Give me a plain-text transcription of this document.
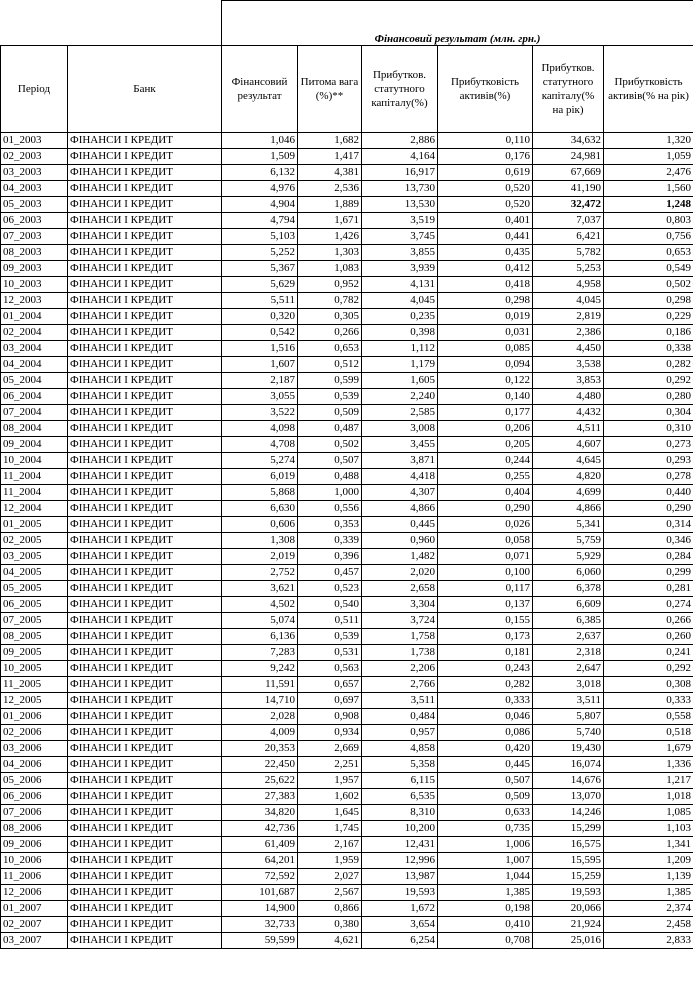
		Фінансовий результат (млн. грн.)					
Період	Банк	Фінансовий результат	Питома вага (%)**	Прибутков. статутного капіталу(%)	Прибутковість активів(%)	Прибутков. статутного капіталу(% на рік)	Прибутковість активів(% на рік)
01_2003	ФІНАНСИ І КРЕДИТ	1,046	1,682	2,886	0,110	34,632	1,320
02_2003	ФІНАНСИ І КРЕДИТ	1,509	1,417	4,164	0,176	24,981	1,059
03_2003	ФІНАНСИ І КРЕДИТ	6,132	4,381	16,917	0,619	67,669	2,476
04_2003	ФІНАНСИ І КРЕДИТ	4,976	2,536	13,730	0,520	41,190	1,560
05_2003	ФІНАНСИ І КРЕДИТ	4,904	1,889	13,530	0,520	32,472	1,248
06_2003	ФІНАНСИ І КРЕДИТ	4,794	1,671	3,519	0,401	7,037	0,803
07_2003	ФІНАНСИ І КРЕДИТ	5,103	1,426	3,745	0,441	6,421	0,756
08_2003	ФІНАНСИ І КРЕДИТ	5,252	1,303	3,855	0,435	5,782	0,653
09_2003	ФІНАНСИ І КРЕДИТ	5,367	1,083	3,939	0,412	5,253	0,549
10_2003	ФІНАНСИ І КРЕДИТ	5,629	0,952	4,131	0,418	4,958	0,502
12_2003	ФІНАНСИ І КРЕДИТ	5,511	0,782	4,045	0,298	4,045	0,298
01_2004	ФІНАНСИ І КРЕДИТ	0,320	0,305	0,235	0,019	2,819	0,229
02_2004	ФІНАНСИ І КРЕДИТ	0,542	0,266	0,398	0,031	2,386	0,186
03_2004	ФІНАНСИ І КРЕДИТ	1,516	0,653	1,112	0,085	4,450	0,338
04_2004	ФІНАНСИ І КРЕДИТ	1,607	0,512	1,179	0,094	3,538	0,282
05_2004	ФІНАНСИ І КРЕДИТ	2,187	0,599	1,605	0,122	3,853	0,292
06_2004	ФІНАНСИ І КРЕДИТ	3,055	0,539	2,240	0,140	4,480	0,280
07_2004	ФІНАНСИ І КРЕДИТ	3,522	0,509	2,585	0,177	4,432	0,304
08_2004	ФІНАНСИ І КРЕДИТ	4,098	0,487	3,008	0,206	4,511	0,310
09_2004	ФІНАНСИ І КРЕДИТ	4,708	0,502	3,455	0,205	4,607	0,273
10_2004	ФІНАНСИ І КРЕДИТ	5,274	0,507	3,871	0,244	4,645	0,293
11_2004	ФІНАНСИ І КРЕДИТ	6,019	0,488	4,418	0,255	4,820	0,278
11_2004	ФІНАНСИ І КРЕДИТ	5,868	1,000	4,307	0,404	4,699	0,440
12_2004	ФІНАНСИ І КРЕДИТ	6,630	0,556	4,866	0,290	4,866	0,290
01_2005	ФІНАНСИ І КРЕДИТ	0,606	0,353	0,445	0,026	5,341	0,314
02_2005	ФІНАНСИ І КРЕДИТ	1,308	0,339	0,960	0,058	5,759	0,346
03_2005	ФІНАНСИ І КРЕДИТ	2,019	0,396	1,482	0,071	5,929	0,284
04_2005	ФІНАНСИ І КРЕДИТ	2,752	0,457	2,020	0,100	6,060	0,299
05_2005	ФІНАНСИ І КРЕДИТ	3,621	0,523	2,658	0,117	6,378	0,281
06_2005	ФІНАНСИ І КРЕДИТ	4,502	0,540	3,304	0,137	6,609	0,274
07_2005	ФІНАНСИ І КРЕДИТ	5,074	0,511	3,724	0,155	6,385	0,266
08_2005	ФІНАНСИ І КРЕДИТ	6,136	0,539	1,758	0,173	2,637	0,260
09_2005	ФІНАНСИ І КРЕДИТ	7,283	0,531	1,738	0,181	2,318	0,241
10_2005	ФІНАНСИ І КРЕДИТ	9,242	0,563	2,206	0,243	2,647	0,292
11_2005	ФІНАНСИ І КРЕДИТ	11,591	0,657	2,766	0,282	3,018	0,308
12_2005	ФІНАНСИ І КРЕДИТ	14,710	0,697	3,511	0,333	3,511	0,333
01_2006	ФІНАНСИ І КРЕДИТ	2,028	0,908	0,484	0,046	5,807	0,558
02_2006	ФІНАНСИ І КРЕДИТ	4,009	0,934	0,957	0,086	5,740	0,518
03_2006	ФІНАНСИ І КРЕДИТ	20,353	2,669	4,858	0,420	19,430	1,679
04_2006	ФІНАНСИ І КРЕДИТ	22,450	2,251	5,358	0,445	16,074	1,336
05_2006	ФІНАНСИ І КРЕДИТ	25,622	1,957	6,115	0,507	14,676	1,217
06_2006	ФІНАНСИ І КРЕДИТ	27,383	1,602	6,535	0,509	13,070	1,018
07_2006	ФІНАНСИ І КРЕДИТ	34,820	1,645	8,310	0,633	14,246	1,085
08_2006	ФІНАНСИ І КРЕДИТ	42,736	1,745	10,200	0,735	15,299	1,103
09_2006	ФІНАНСИ І КРЕДИТ	61,409	2,167	12,431	1,006	16,575	1,341
10_2006	ФІНАНСИ І КРЕДИТ	64,201	1,959	12,996	1,007	15,595	1,209
11_2006	ФІНАНСИ І КРЕДИТ	72,592	2,027	13,987	1,044	15,259	1,139
12_2006	ФІНАНСИ І КРЕДИТ	101,687	2,567	19,593	1,385	19,593	1,385
01_2007	ФІНАНСИ І КРЕДИТ	14,900	0,866	1,672	0,198	20,066	2,374
02_2007	ФІНАНСИ І КРЕДИТ	32,733	0,380	3,654	0,410	21,924	2,458
03_2007	ФІНАНСИ І КРЕДИТ	59,599	4,621	6,254	0,708	25,016	2,833
